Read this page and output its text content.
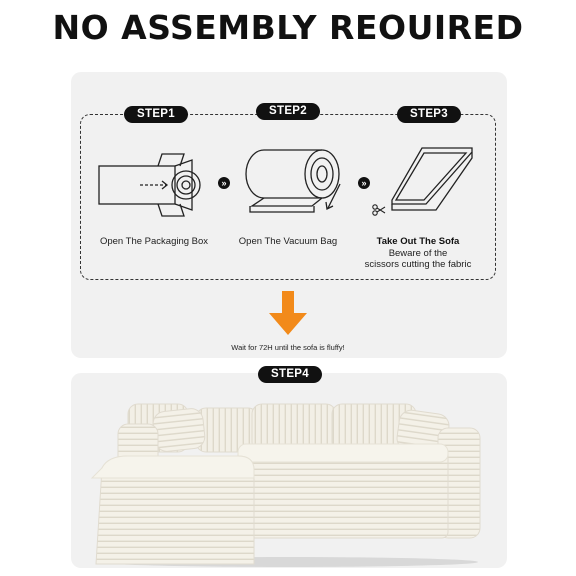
NO ASSEMBLY REOUIRED
STEP1	STEP2	STEP3
»	»
Open The Packaging Box	Open The Vacuum Bag	Take Out The Sofa
Beware of the
scissors cutting the fabric
Wait for 72H until the sofa is fluffy!
STEP4
